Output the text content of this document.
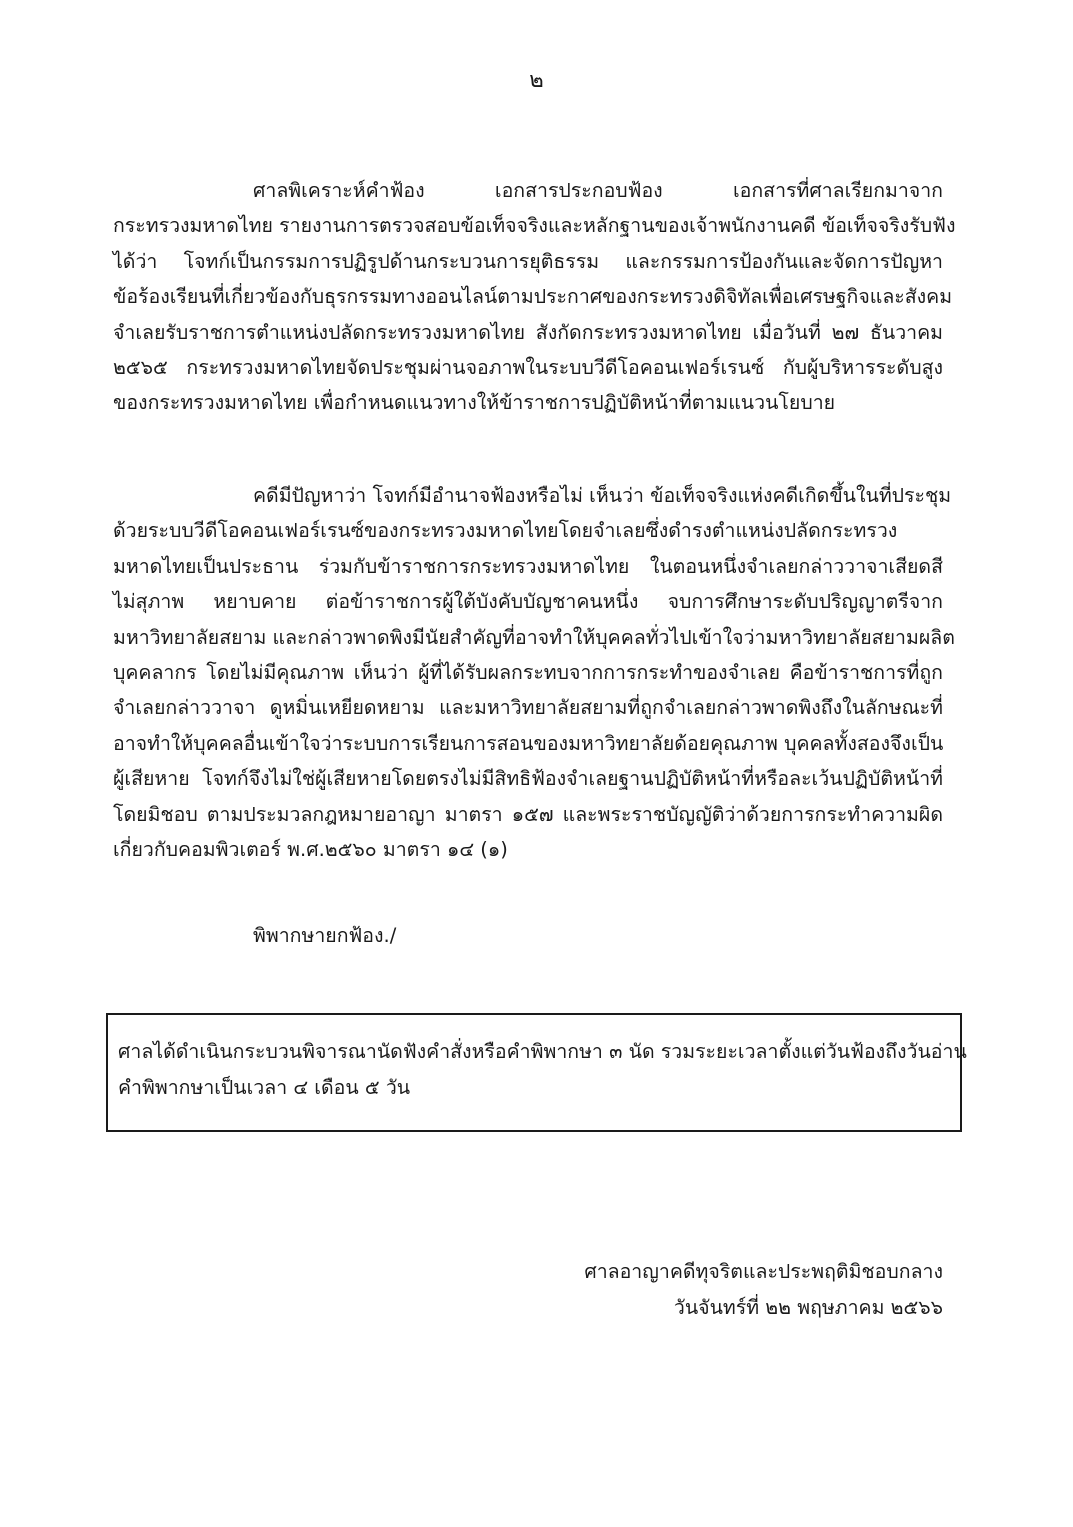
๒
ศาลพิเคราะห์คำฟ้อง เอกสารประกอบฟ้อง เอกสารที่ศาลเรียกมาจาก
กระทรวงมหาดไทย รายงานการตรวจสอบข้อเท็จจริงและหลักฐานของเจ้าพนักงานคดี ข้อเท็จจริงรับฟัง
ได้ว่า โจทก์เป็นกรรมการปฏิรูปด้านกระบวนการยุติธรรม และกรรมการป้องกันและจัดการปัญหา
ข้อร้องเรียนที่เกี่ยวข้องกับธุรกรรมทางออนไลน์ตามประกาศของกระทรวงดิจิทัลเพื่อเศรษฐกิจและสังคม
จำเลยรับราชการตำแหน่งปลัดกระทรวงมหาดไทย สังกัดกระทรวงมหาดไทย เมื่อวันที่ ๒๗ ธันวาคม
๒๕๖๕ กระทรวงมหาดไทยจัดประชุมผ่านจอภาพในระบบวีดีโอคอนเฟอร์เรนซ์ กับผู้บริหารระดับสูง
ของกระทรวงมหาดไทย เพื่อกำหนดแนวทางให้ข้าราชการปฏิบัติหน้าที่ตามแนวนโยบาย
คดีมีปัญหาว่า โจทก์มีอำนาจฟ้องหรือไม่ เห็นว่า ข้อเท็จจริงแห่งคดีเกิดขึ้นในที่ประชุม
ด้วยระบบวีดีโอคอนเฟอร์เรนซ์ของกระทรวงมหาดไทยโดยจำเลยซึ่งดำรงตำแหน่งปลัดกระทรวง
มหาดไทยเป็นประธาน ร่วมกับข้าราชการกระทรวงมหาดไทย ในตอนหนึ่งจำเลยกล่าววาจาเสียดสี
ไม่สุภาพ หยาบคาย ต่อข้าราชการผู้ใต้บังคับบัญชาคนหนึ่ง จบการศึกษาระดับปริญญาตรีจาก
มหาวิทยาลัยสยาม และกล่าวพาดพิงมีนัยสำคัญที่อาจทำให้บุคคลทั่วไปเข้าใจว่ามหาวิทยาลัยสยามผลิต
บุคคลากร โดยไม่มีคุณภาพ เห็นว่า ผู้ที่ได้รับผลกระทบจากการกระทำของจำเลย คือข้าราชการที่ถูก
จำเลยกล่าววาจา ดูหมิ่นเหยียดหยาม และมหาวิทยาลัยสยามที่ถูกจำเลยกล่าวพาดพิงถึงในลักษณะที่
อาจทำให้บุคคลอื่นเข้าใจว่าระบบการเรียนการสอนของมหาวิทยาลัยด้อยคุณภาพ บุคคลทั้งสองจึงเป็น
ผู้เสียหาย โจทก์จึงไม่ใช่ผู้เสียหายโดยตรงไม่มีสิทธิฟ้องจำเลยฐานปฏิบัติหน้าที่หรือละเว้นปฏิบัติหน้าที่
โดยมิชอบ ตามประมวลกฎหมายอาญา มาตรา ๑๕๗ และพระราชบัญญัติว่าด้วยการกระทำความผิด
เกี่ยวกับคอมพิวเตอร์ พ.ศ.๒๕๖๐ มาตรา ๑๔ (๑)
พิพากษายกฟ้อง./
ศาลได้ดำเนินกระบวนพิจารณานัดฟังคำสั่งหรือคำพิพากษา ๓ นัด รวมระยะเวลาตั้งแต่วันฟ้องถึงวันอ่าน
คำพิพากษาเป็นเวลา ๔ เดือน ๕ วัน
ศาลอาญาคดีทุจริตและประพฤติมิชอบกลาง
วันจันทร์ที่ ๒๒ พฤษภาคม ๒๕๖๖
